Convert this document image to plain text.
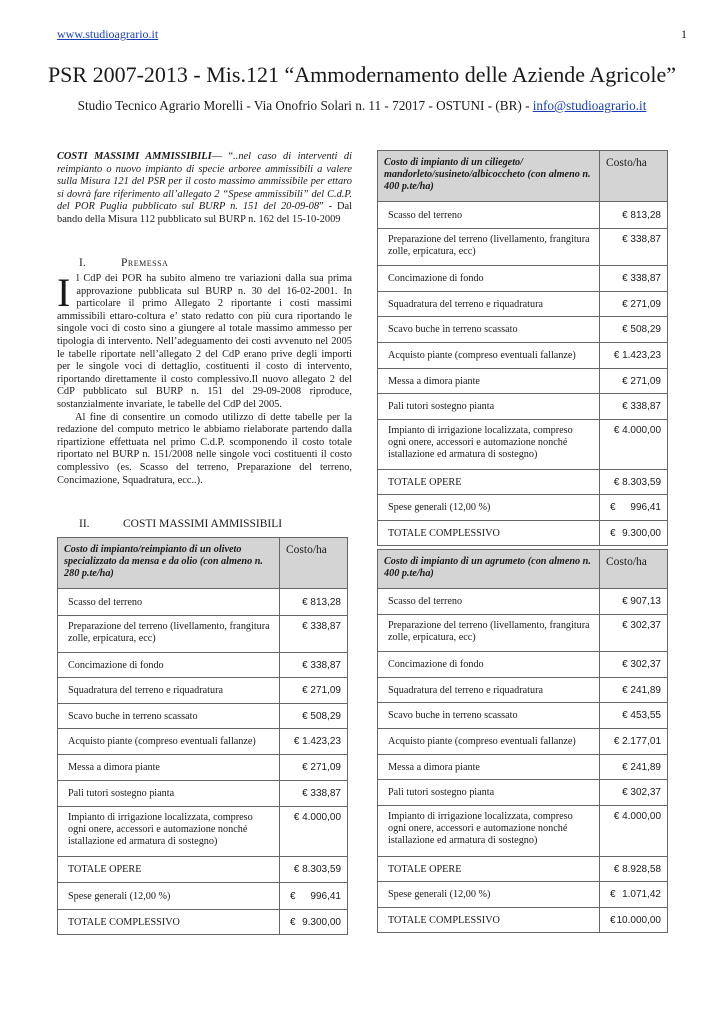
www.studioagrario.it	1
PSR 2007-2013 - Mis.121 “Ammodernamento delle Aziende Agricole”
Studio Tecnico Agrario Morelli - Via Onofrio Solari n. 11 - 72017 - OSTUNI - (BR) - info@studioagrario.it
COSTI MASSIMI AMMISSIBILI— “..nel caso di interventi di reimpianto o nuovo impianto di specie arboree ammissibili a valere sulla Misura 121 del PSR per il costo massimo ammissibile per ettaro si dovrà fare riferimento all’allegato 2 “Spese ammissibili” del C.d.P. del POR Puglia pubblicato sul BURP n. 151 del 20-09-08” - Dal bando della Misura 112 pubblicato sul BURP n. 162 del 15-10-2009
I.	Premessa
I l CdP dei POR ha subito almeno tre variazioni dalla sua prima approvazione pubblicata sul BURP n. 30 del 16-02-2001. In particolare il primo Allegato 2 riportante i costi massimi ammissibili ettaro-coltura e’ stato redatto con più cura riportando le singole voci di costo sino a giungere al totale massimo ammesso per tipologia di intervento. Nell’adeguamento dei costi avvenuto nel 2005 le tabelle riportate nell’allegato 2 del CdP erano prive degli importi per le singole voci di dettaglio, costituenti il costo di intervento, riportando direttamente il costo complessivo.Il nuovo allegato 2 del CdP pubblicato sul BURP n. 151 del 29-09-2008 riproduce, sostanzialmente invariate, le tabelle del CdP del 2005.

Al fine di consentire un comodo utilizzo di dette tabelle per la redazione del computo metrico le abbiamo rielaborate partendo dalla ripartizione effettuata nel primo C.d.P. scomponendo il costo totale riportato nel BURP n. 151/2008 nelle singole voci costituenti il costo complessivo (es. Scasso del terreno, Preparazione del terreno, Concimazione, Squadratura, ecc..).

II.	COSTI MASSIMI AMMISSIBILI
Costo di impianto/reimpianto di un oliveto specializzato da mensa e da olio (con almeno n. 280 p.te/ha)	Costo/ha
Scasso del terreno	€ 813,28
Preparazione del terreno (livellamento, frangitura zolle, erpicatura, ecc)	€ 338,87
Concimazione di fondo	€ 338,87
Squadratura del terreno e riquadratura	€ 271,09
Scavo buche in terreno scassato	€ 508,29
Acquisto piante (compreso eventuali fallanze)	€ 1.423,23
Messa a dimora piante	€ 271,09
Pali tutori sostegno pianta	€ 338,87
Impianto di irrigazione localizzata, compreso ogni onere, accessori e automazione nonché istallazione ed armatura di sostegno)	€ 4.000,00
TOTALE OPERE	€ 8.303,59
Spese generali (12,00 %)	€ 996,41
TOTALE COMPLESSIVO	€ 9.300,00
Costo di impianto di un ciliegeto/ mandorleto/susineto/albicoccheto (con almeno n. 400 p.te/ha)	Costo/ha
Scasso del terreno	€ 813,28
Preparazione del terreno (livellamento, frangitura zolle, erpicatura, ecc)	€ 338,87
Concimazione di fondo	€ 338,87
Squadratura del terreno e riquadratura	€ 271,09
Scavo buche in terreno scassato	€ 508,29
Acquisto piante (compreso eventuali fallanze)	€ 1.423,23
Messa a dimora piante	€ 271,09
Pali tutori sostegno pianta	€ 338,87
Impianto di irrigazione localizzata, compreso ogni onere, accessori e automazione nonché istallazione ed armatura di sostegno)	€ 4.000,00
TOTALE OPERE	€ 8.303,59
Spese generali (12,00 %)	€ 996,41
TOTALE COMPLESSIVO	€ 9.300,00
Costo di impianto di un agrumeto (con almeno n. 400 p.te/ha)	Costo/ha
Scasso del terreno	€ 907,13
Preparazione del terreno (livellamento, frangitura zolle, erpicatura, ecc)	€ 302,37
Concimazione di fondo	€ 302,37
Squadratura del terreno e riquadratura	€ 241,89
Scavo buche in terreno scassato	€ 453,55
Acquisto piante (compreso eventuali fallanze)	€ 2.177,01
Messa a dimora piante	€ 241,89
Pali tutori sostegno pianta	€ 302,37
Impianto di irrigazione localizzata, compreso ogni onere, accessori e automazione nonché istallazione ed armatura di sostegno)	€ 4.000,00
TOTALE OPERE	€ 8.928,58
Spese generali (12,00 %)	€ 1.071,42
TOTALE COMPLESSIVO	€ 10.000,00
